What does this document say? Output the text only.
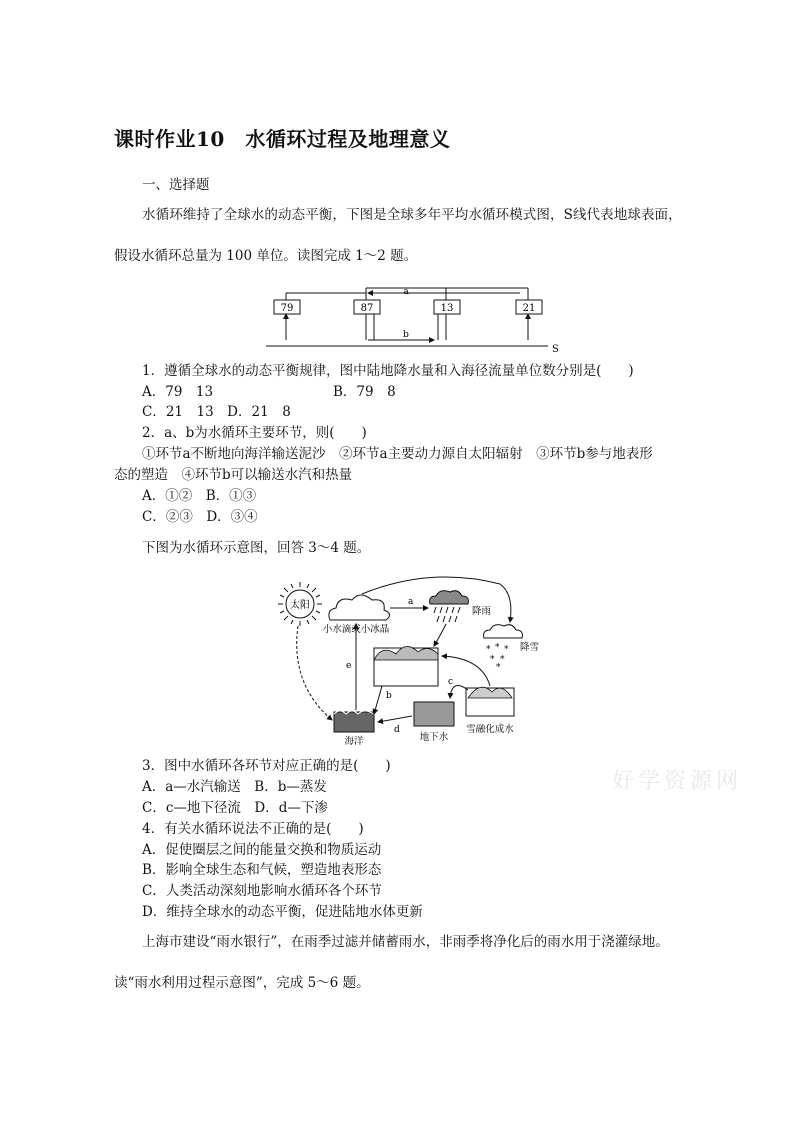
课时作业10　水循环过程及地理意义
一、选择题
水循环维持了全球水的动态平衡，下图是全球多年平均水循环模式图，S线代表地球表面，
假设水循环总量为 100 单位。读图完成 1～2 题。
79	87	13	21
a
b
S
1．遵循全球水的动态平衡规律，图中陆地降水量和入海径流量单位数分别是(　　)
A．79　13	B．79　8
C．21　13　D．21　8
2．a、b为水循环主要环节，则(　　)
①环节a不断地向海洋输送泥沙　②环节a主要动力源自太阳辐射　③环节b参与地表形
态的塑造　④环节b可以输送水汽和热量
A．①②　B．①③
C．②③　D．③④
下图为水循环示意图，回答 3～4 题。
太阳
小水滴或小冰晶
降雨
* * *
* *
*
降雪
a
雪融化成水
地下水
海洋
e
b
c
d
3．图中水循环各环节对应正确的是(　　)
A．a—水汽输送　B．b—蒸发
C．c—地下径流　D．d—下渗
4．有关水循环说法不正确的是(　　)
A．促使圈层之间的能量交换和物质运动
B．影响全球生态和气候，塑造地表形态
C．人类活动深刻地影响水循环各个环节
D．维持全球水的动态平衡，促进陆地水体更新
上海市建设“雨水银行”，在雨季过滤并储蓄雨水，非雨季将净化后的雨水用于浇灌绿地。
读“雨水利用过程示意图”，完成 5～6 题。
好学资源网
